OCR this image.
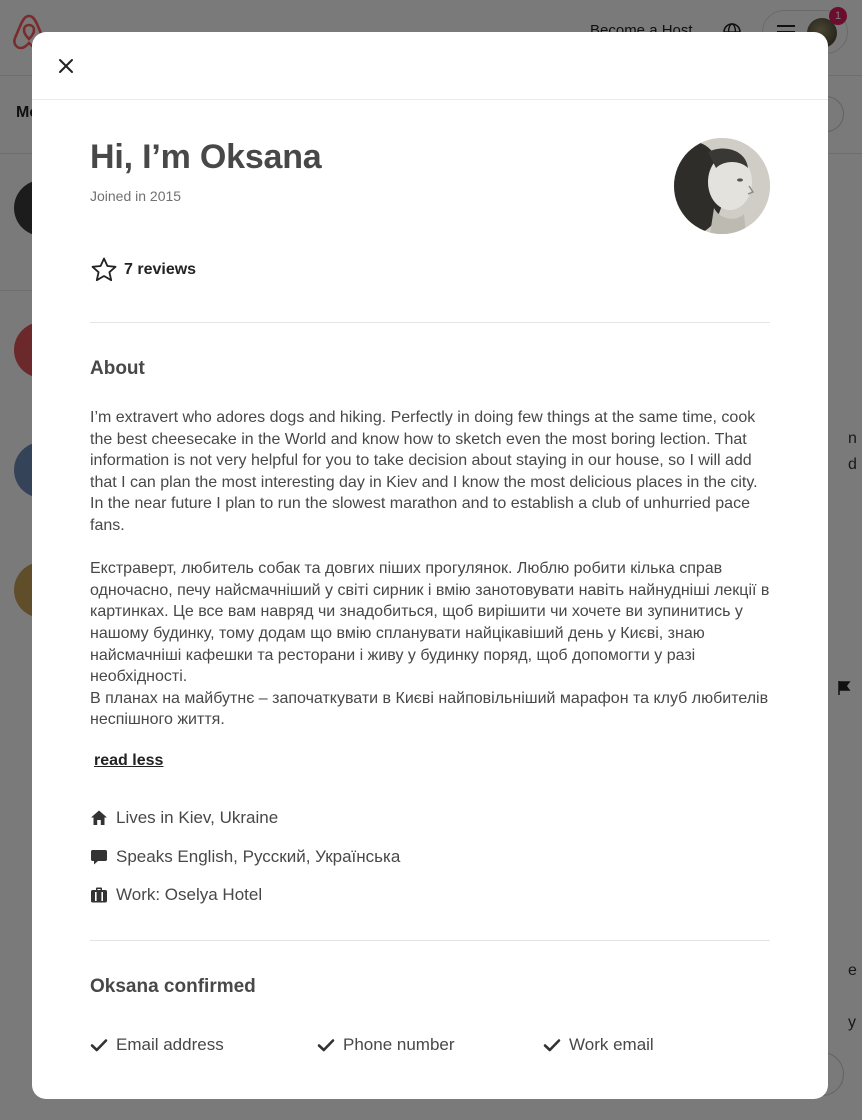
Hi, I’m Oksana
Joined in 2015
7 reviews
About

I’m extravert who adores dogs and hiking. Perfectly in doing few things at the same time, cook the best cheesecake in the World and know how to sketch even the most boring lection. That information is not very helpful for you to take decision about staying in our house, so I will add that I can plan the most interesting day in Kiev and I know the most delicious places in the city.

In the near future I plan to run the slowest marathon and to establish a club of unhurried pace fans.

Екстраверт, любитель собак та довгих піших прогулянок. Люблю робити кілька справ одночасно, печу найсмачніший у світі сирник і вмію занотовувати навіть найнудніші лекції в картинках. Це все вам навряд чи знадобиться, щоб вирішити чи хочете ви зупинитись у нашому будинку, тому додам що вмію спланувати найцікавіший день у Києві, знаю найсмачніші кафешки та ресторани і живу у будинку поряд, щоб допомогти у разі необхідності.

В планах на майбутнє – започаткувати в Києві найповільніший марафон та клуб любителів неспішного життя.

read less
Lives in Kiev, Ukraine
Speaks English, Русский, Українська
Work: Oselya Hotel
Oksana confirmed
Email address	Phone number	Work email
